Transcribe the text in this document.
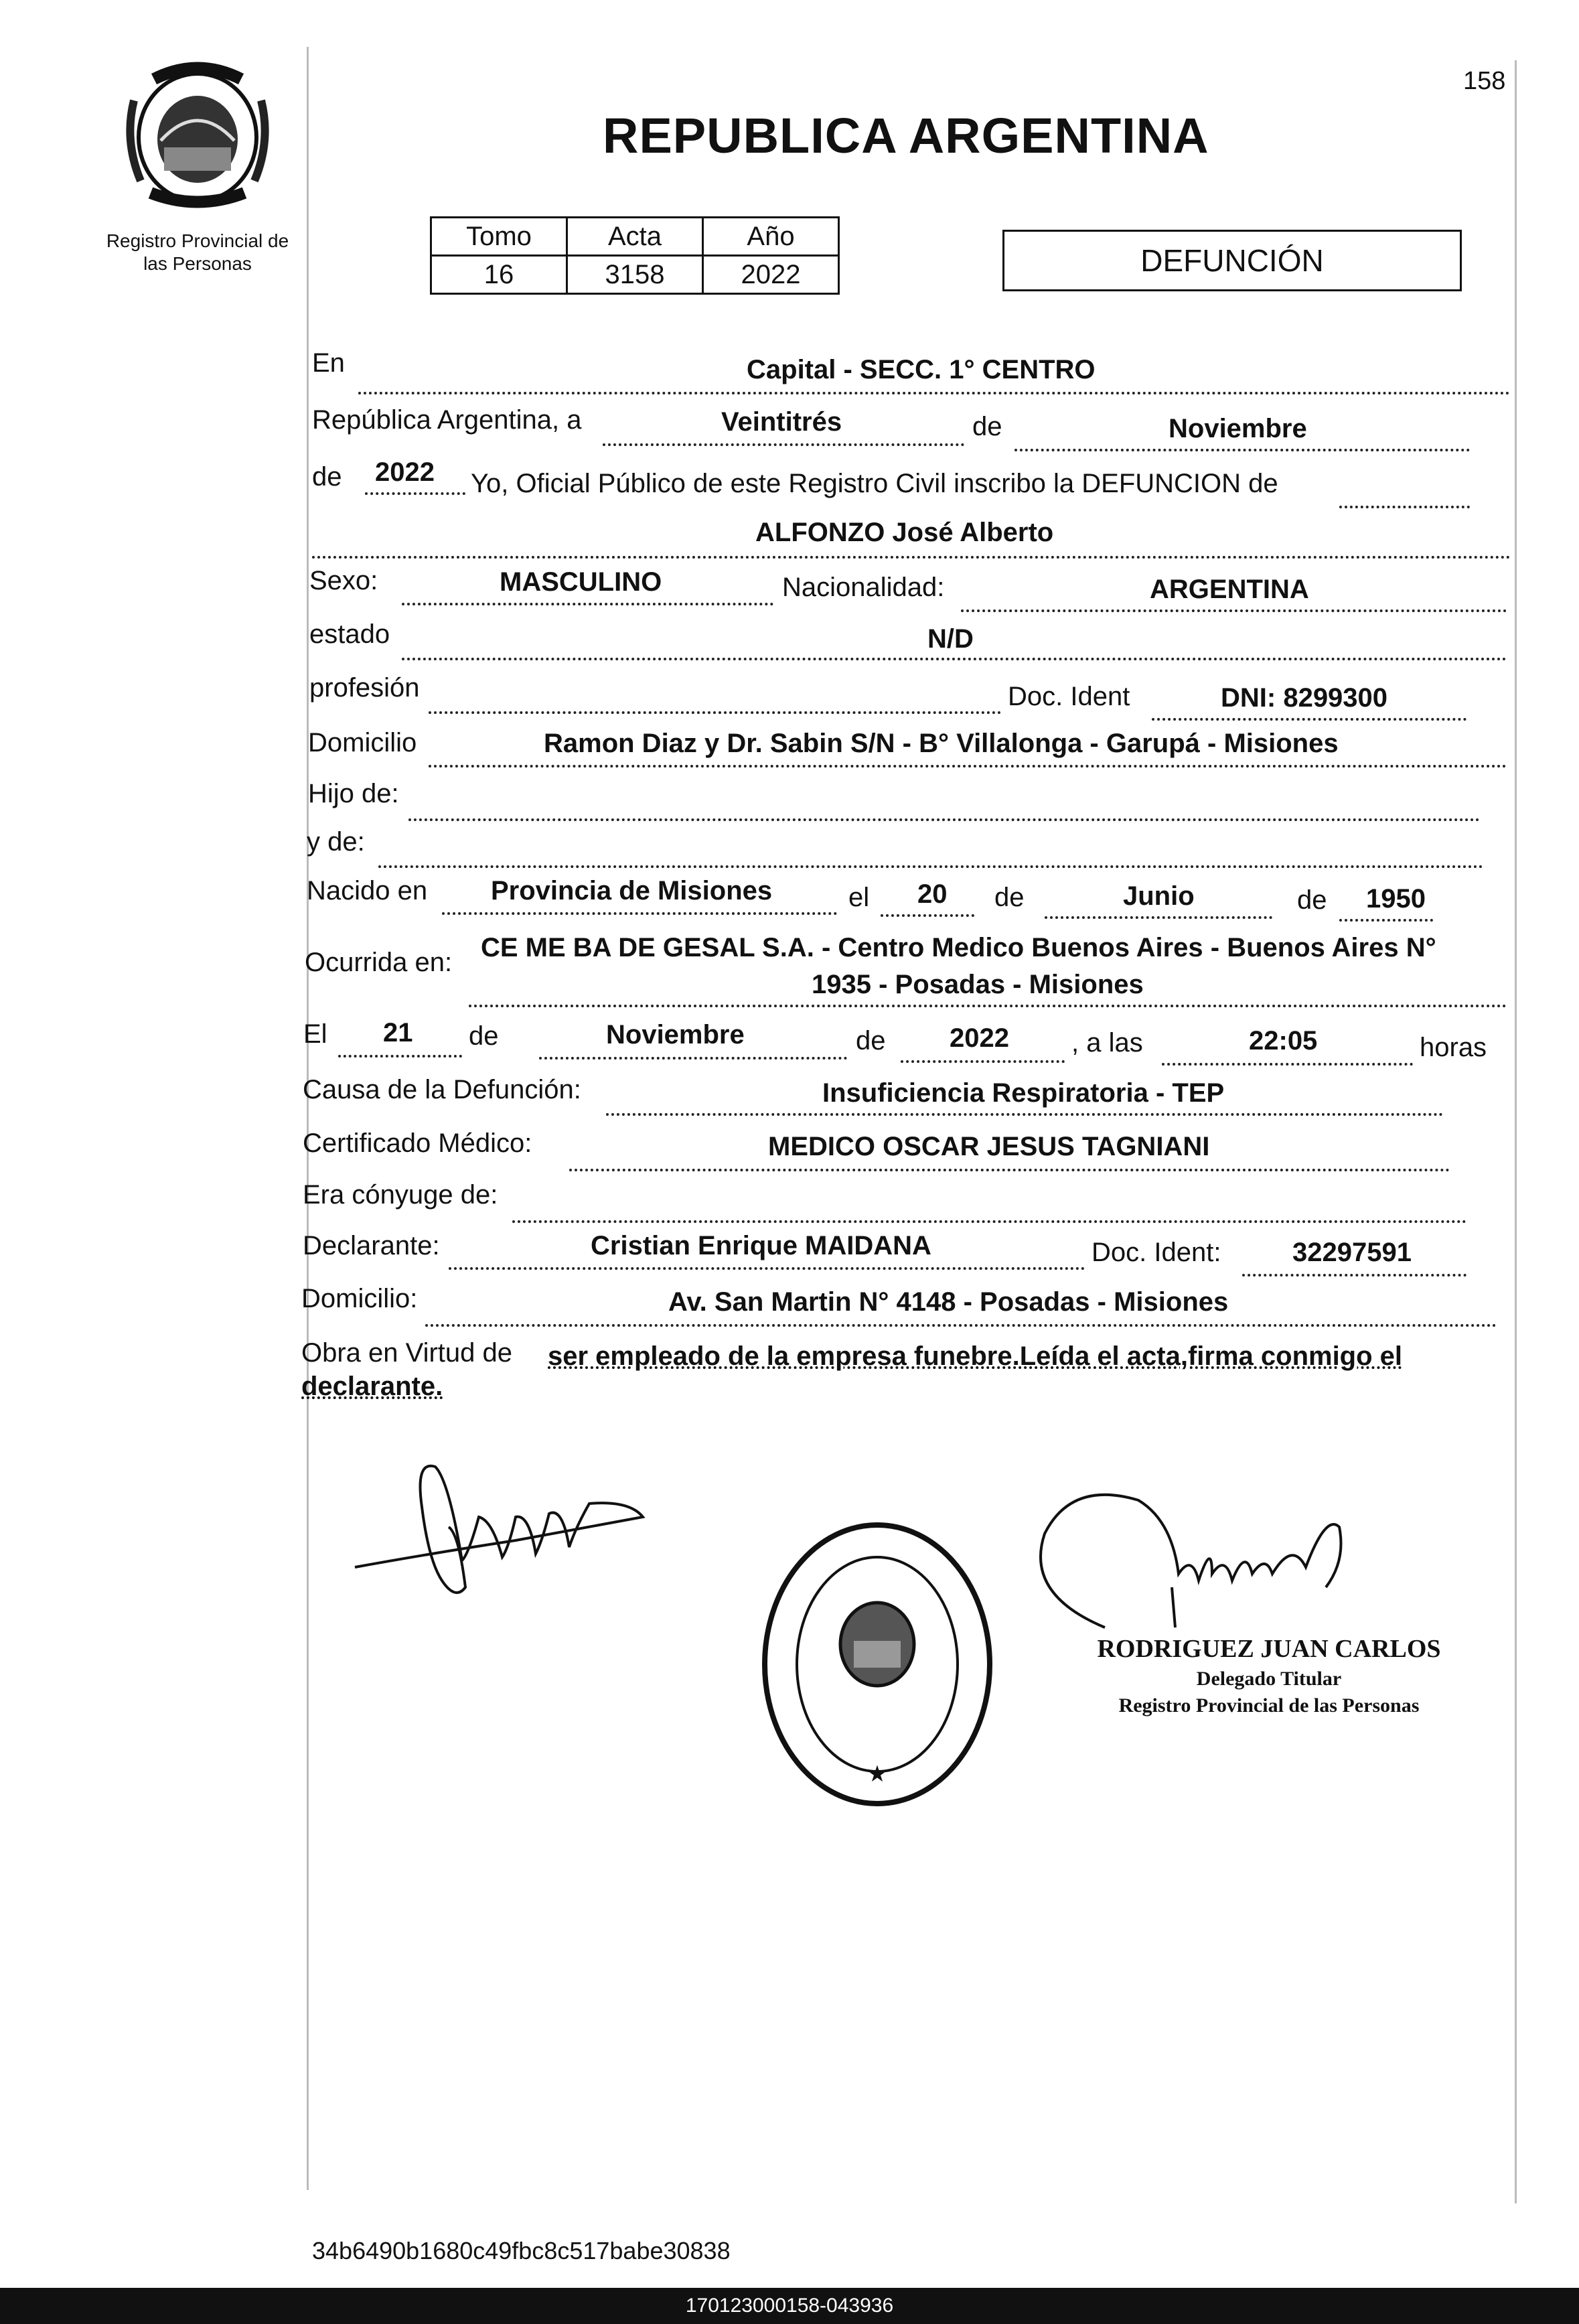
Registro Provincial de
las Personas
158
REPUBLICA ARGENTINA
Tomo	Acta	Año
16	3158	2022	DEFUNCIÓN
En	Capital - SECC. 1° CENTRO
República Argentina, a	Veintitrés	de	Noviembre
de 2022 Yo, Oficial Público de este Registro Civil inscribo la DEFUNCION de
ALFONZO José Alberto
Sexo:	MASCULINO	Nacionalidad:	ARGENTINA
estado	N/D
profesión	Doc. Ident	DNI: 8299300
Domicilio	Ramon Diaz y Dr. Sabin S/N - B° Villalonga - Garupá - Misiones
Hijo de:
y de:
Nacido en Provincia de Misiones	el 20 de	Junio	de 1950
Ocurrida en: CE ME BA DE GESAL S.A. - Centro Medico Buenos Aires - Buenos Aires N°
1935 - Posadas - Misiones
El 21 de	Noviembre	de 2022 , a las	22:05	horas
Causa de la Defunción:	Insuficiencia Respiratoria - TEP
Certificado Médico:	MEDICO OSCAR JESUS TAGNIANI
Era cónyuge de:
Declarante:	Cristian Enrique MAIDANA	Doc. Ident:	32297591
Domicilio:	Av. San Martin N° 4148 - Posadas - Misiones
Obra en Virtud de ser empleado de la empresa funebre.Leída el acta,firma conmigo el
declarante.
★
RODRIGUEZ JUAN CARLOS
Delegado Titular
Registro Provincial de las Personas
34b6490b1680c49fbc8c517babe30838
170123000158-043936
